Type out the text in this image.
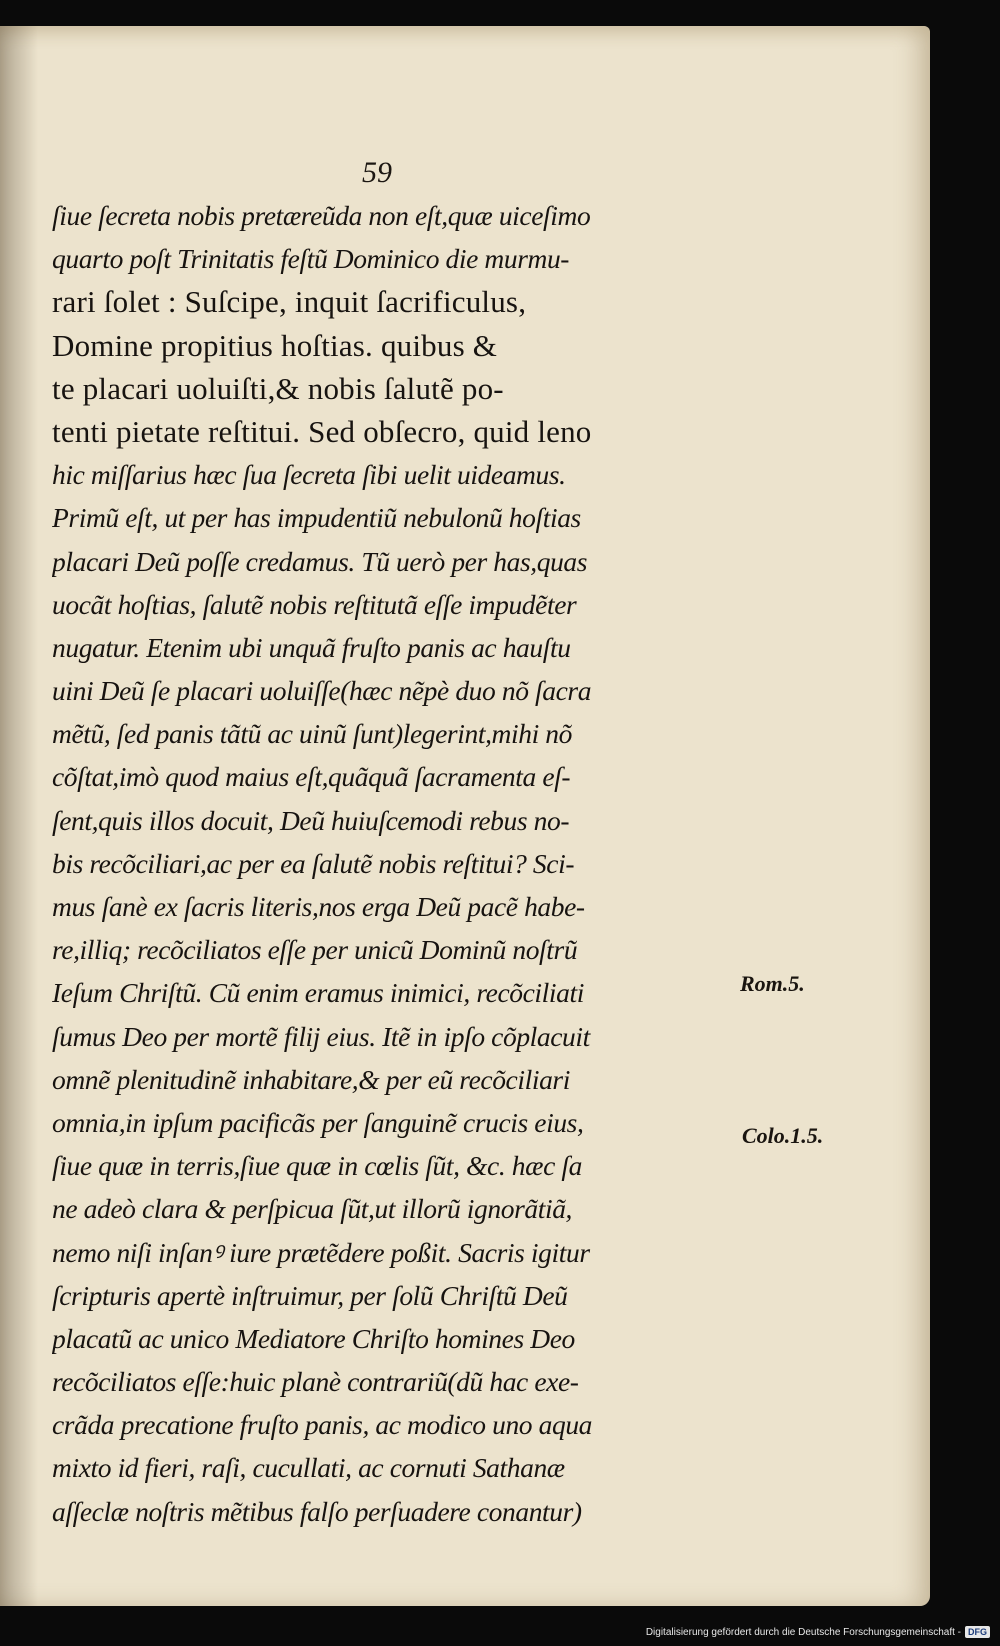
59
ſiue ſecreta nobis pretæreũda non eſt,quæ uiceſimo
quarto poſt Trinitatis feſtũ Dominico die murmu-
rari ſolet : Suſcipe, inquit ſacrificulus,
Domine propitius hoſtias. quibus &
te placari uoluiſti,& nobis ſalutẽ po-
tenti pietate reſtitui. Sed obſecro, quid leno
hic miſſarius hæc ſua ſecreta ſibi uelit uideamus.
Primũ eſt, ut per has impudentiũ nebulonũ hoſtias
placari Deũ poſſe credamus. Tũ uerò per has,quas
uocãt hoſtias, ſalutẽ nobis reſtitutã eſſe impudẽter
nugatur. Etenim ubi unquã fruſto panis ac hauſtu
uini Deũ ſe placari uoluiſſe(hæc nẽpè duo nõ ſacra
mẽtũ, ſed panis tãtũ ac uinũ ſunt)legerint,mihi nõ
cõſtat,imò quod maius eſt,quãquã ſacramenta eſ-
ſent,quis illos docuit, Deũ huiuſcemodi rebus no-
bis recõciliari,ac per ea ſalutẽ nobis reſtitui? Sci-
mus ſanè ex ſacris literis,nos erga Deũ pacẽ habe-
re,illiq; recõciliatos eſſe per unicũ Dominũ noſtrũ
Ieſum Chriſtũ. Cũ enim eramus inimici, recõciliati
ſumus Deo per mortẽ filij eius. Itẽ in ipſo cõplacuit
omnẽ plenitudinẽ inhabitare,& per eũ recõciliari
omnia,in ipſum pacificãs per ſanguinẽ crucis eius,
ſiue quæ in terris,ſiue quæ in cœlis ſũt, &c. hæc ſa
ne adeò clara & perſpicua ſũt,ut illorũ ignorãtiã,
nemo niſi inſanꝰ iure prætẽdere poßit. Sacris igitur
ſcripturis apertè inſtruimur, per ſolũ Chriſtũ Deũ
placatũ ac unico Mediatore Chriſto homines Deo
recõciliatos eſſe:huic planè contrariũ(dũ hac exe-
crãda precatione fruſto panis, ac modico uno aqua
mixto id fieri, raſi, cucullati, ac cornuti Sathanæ
aſſeclæ noſtris mẽtibus falſo perſuadere conantur)
Rom.5.
Colo.1.5.
Digitalisierung gefördert durch die Deutsche Forschungsgemeinschaft - DFG
